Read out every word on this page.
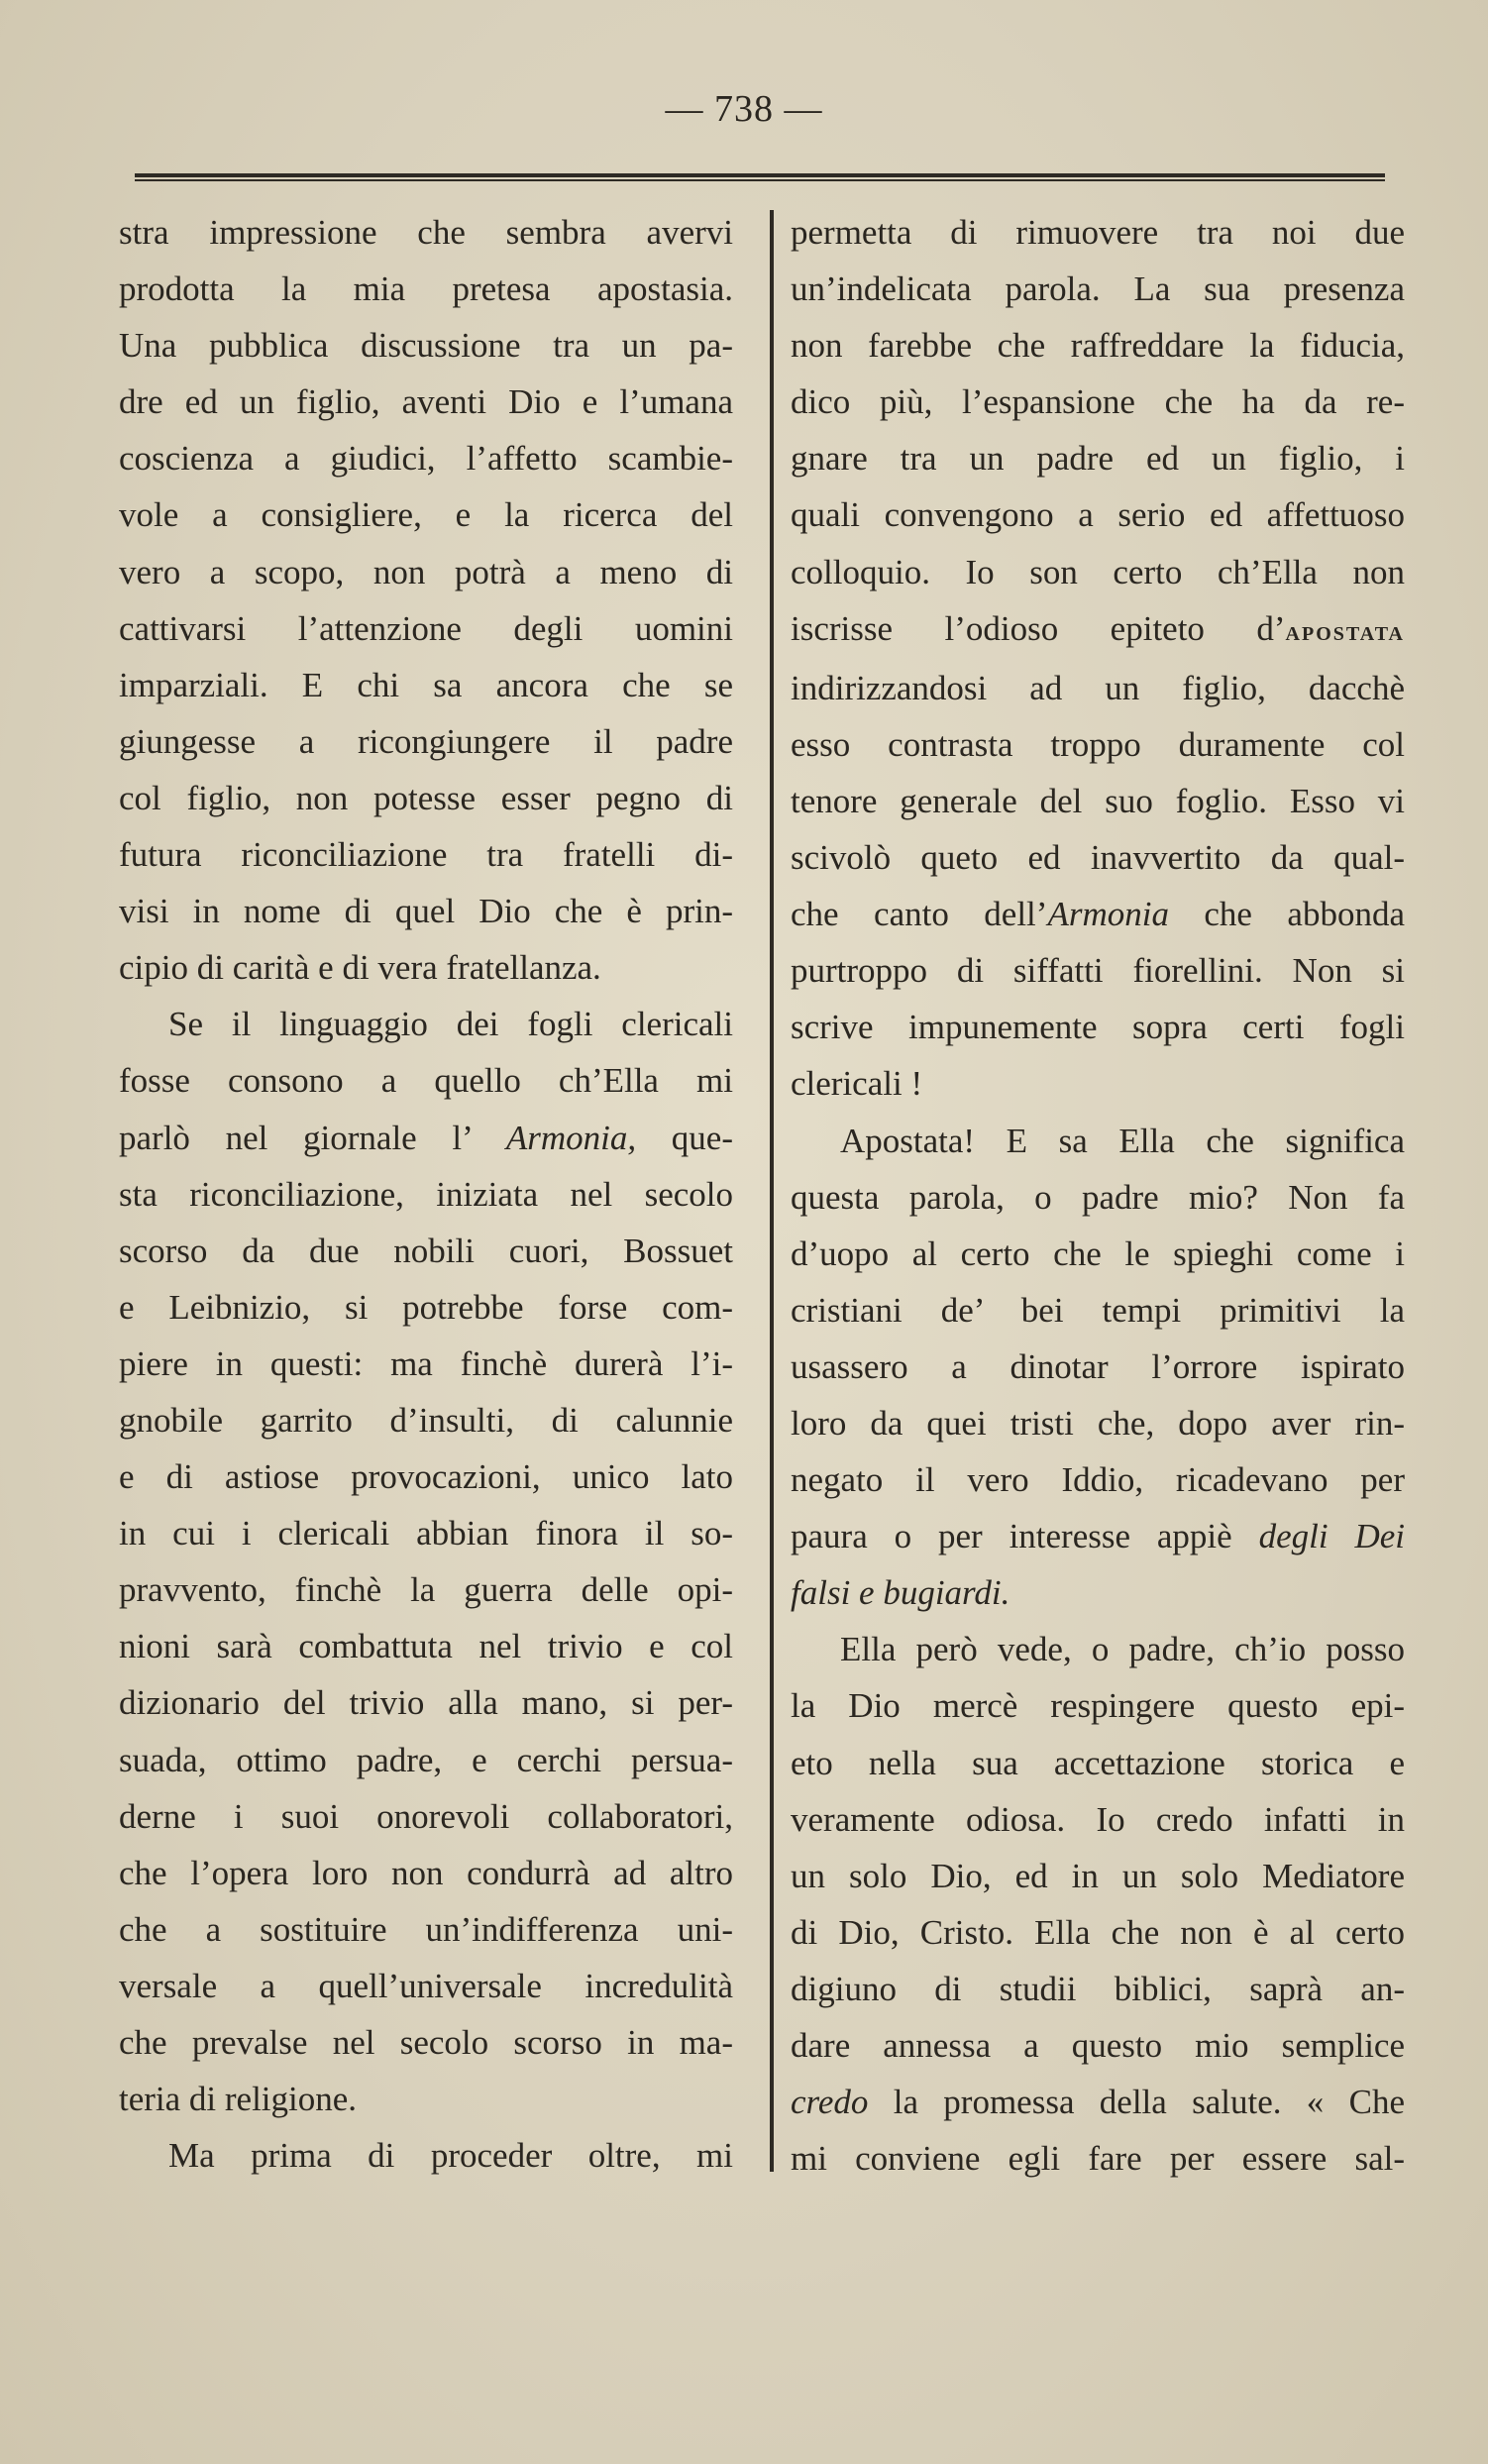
— 738 —
stra impressione che sembra avervi
prodotta la mia pretesa apostasia.
Una pubblica discussione tra un pa-
dre ed un figlio, aventi Dio e l’umana
coscienza a giudici, l’affetto scambie-
vole a consigliere, e la ricerca del
vero a scopo, non potrà a meno di
cattivarsi l’attenzione degli uomini
imparziali. E chi sa ancora che se
giungesse a ricongiungere il padre
col figlio, non potesse esser pegno di
futura riconciliazione tra fratelli di-
visi in nome di quel Dio che è prin-
cipio di carità e di vera fratellanza.
Se il linguaggio dei fogli clericali
fosse consono a quello ch’Ella mi
parlò nel giornale l’ Armonia, que-
sta riconciliazione, iniziata nel secolo
scorso da due nobili cuori, Bossuet
e Leibnizio, si potrebbe forse com-
piere in questi: ma finchè durerà l’i-
gnobile garrito d’insulti, di calunnie
e di astiose provocazioni, unico lato
in cui i clericali abbian finora il so-
pravvento, finchè la guerra delle opi-
nioni sarà combattuta nel trivio e col
dizionario del trivio alla mano, si per-
suada, ottimo padre, e cerchi persua-
derne i suoi onorevoli collaboratori,
che l’opera loro non condurrà ad altro
che a sostituire un’indifferenza uni-
versale a quell’universale incredulità
che prevalse nel secolo scorso in ma-
teria di religione.
Ma prima di proceder oltre, mi
permetta di rimuovere tra noi due
un’indelicata parola. La sua presenza
non farebbe che raffreddare la fiducia,
dico più, l’espansione che ha da re-
gnare tra un padre ed un figlio, i
quali convengono a serio ed affettuoso
colloquio. Io son certo ch’Ella non
iscrisse l’odioso epiteto d’apostata
indirizzandosi ad un figlio, dacchè
esso contrasta troppo duramente col
tenore generale del suo foglio. Esso vi
scivolò queto ed inavvertito da qual-
che canto dell’Armonia che abbonda
purtroppo di siffatti fiorellini. Non si
scrive impunemente sopra certi fogli
clericali !
Apostata! E sa Ella che significa
questa parola, o padre mio? Non fa
d’uopo al certo che le spieghi come i
cristiani de’ bei tempi primitivi la
usassero a dinotar l’orrore ispirato
loro da quei tristi che, dopo aver rin-
negato il vero Iddio, ricadevano per
paura o per interesse appiè degli Dei
falsi e bugiardi.
Ella però vede, o padre, ch’io posso
la Dio mercè respingere questo epi-
eto nella sua accettazione storica e
veramente odiosa. Io credo infatti in
un solo Dio, ed in un solo Mediatore
di Dio, Cristo. Ella che non è al certo
digiuno di studii biblici, saprà an-
dare annessa a questo mio semplice
credo la promessa della salute. « Che
mi conviene egli fare per essere sal-
